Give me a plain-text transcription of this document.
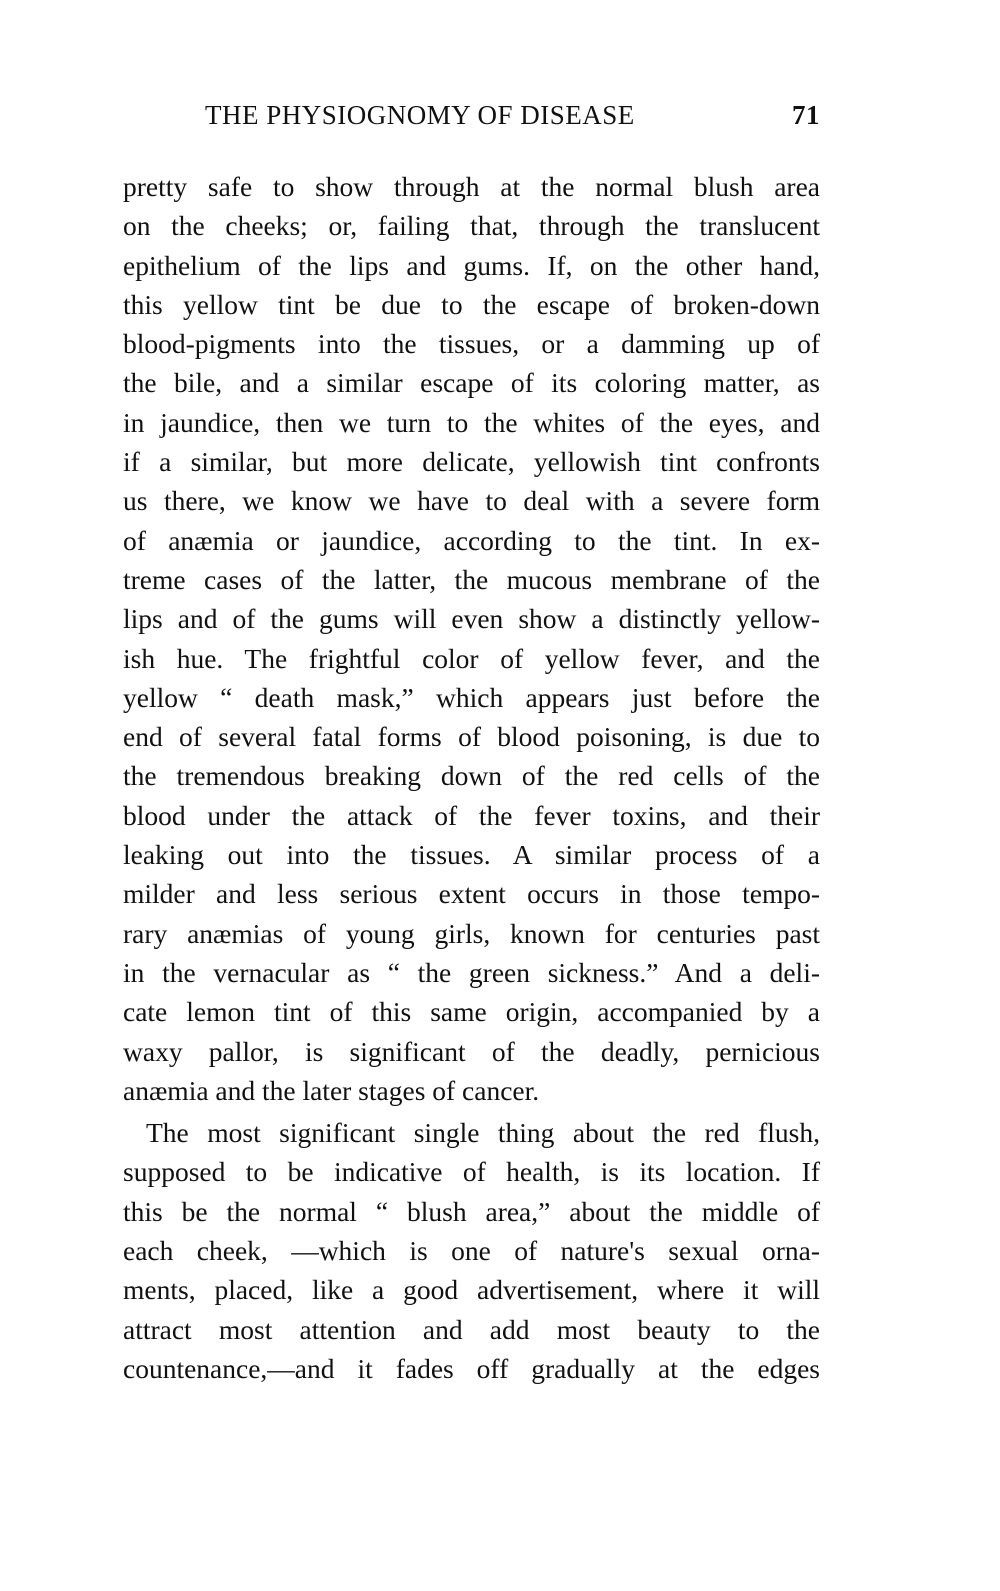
THE PHYSIOGNOMY OF DISEASE	71
pretty safe to show through at the normal blush area
on the cheeks; or, failing that, through the translucent
epithelium of the lips and gums. If, on the other hand,
this yellow tint be due to the escape of broken-down
blood-pigments into the tissues, or a damming up of
the bile, and a similar escape of its coloring matter, as
in jaundice, then we turn to the whites of the eyes, and
if a similar, but more delicate, yellowish tint confronts
us there, we know we have to deal with a severe form
of anæmia or jaundice, according to the tint. In ex-
treme cases of the latter, the mucous membrane of the
lips and of the gums will even show a distinctly yellow-
ish hue. The frightful color of yellow fever, and the
yellow “ death mask,” which appears just before the
end of several fatal forms of blood poisoning, is due to
the tremendous breaking down of the red cells of the
blood under the attack of the fever toxins, and their
leaking out into the tissues. A similar process of a
milder and less serious extent occurs in those tempo-
rary anæmias of young girls, known for centuries past
in the vernacular as “ the green sickness.” And a deli-
cate lemon tint of this same origin, accompanied by a
waxy pallor, is significant of the deadly, pernicious
anæmia and the later stages of cancer.
The most significant single thing about the red flush,
supposed to be indicative of health, is its location. If
this be the normal “ blush area,” about the middle of
each cheek, —which is one of nature's sexual orna-
ments, placed, like a good advertisement, where it will
attract most attention and add most beauty to the
countenance,—and it fades off gradually at the edges
